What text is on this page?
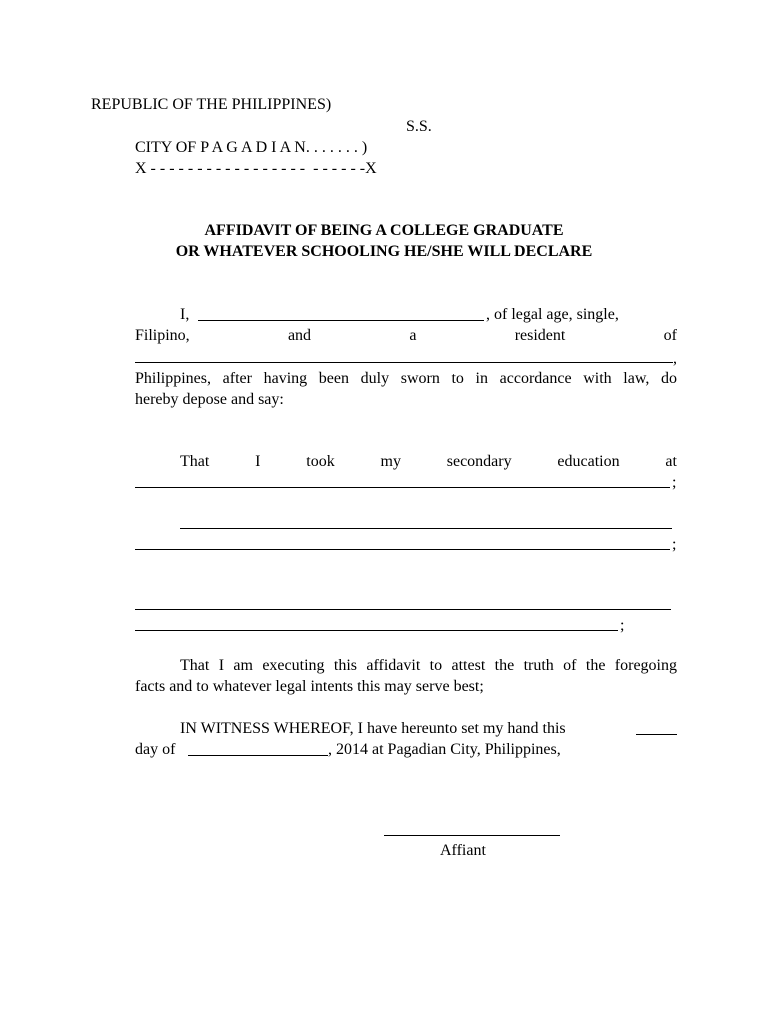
REPUBLIC OF THE PHILIPPINES)
S.S.
CITY OF P A G A D I A N. . . . . . . )
X - - - - - - - - - - - - - - - - -  - - - - - -X
AFFIDAVIT OF BEING A COLLEGE GRADUATE
OR WHATEVER SCHOOLING HE/SHE WILL DECLARE
I,	, of legal age, single,
Filipino,	and	a	resident	of
,
Philippines, after having been duly sworn to in accordance with law, do
hereby depose and say:
That	I	took	my	secondary	education	at
;
;
;
That I am executing this affidavit to attest the truth of the foregoing
facts and to whatever legal intents this may serve best;
IN WITNESS WHEREOF, I have hereunto set my hand this
day of	, 2014 at Pagadian City, Philippines,
Affiant
